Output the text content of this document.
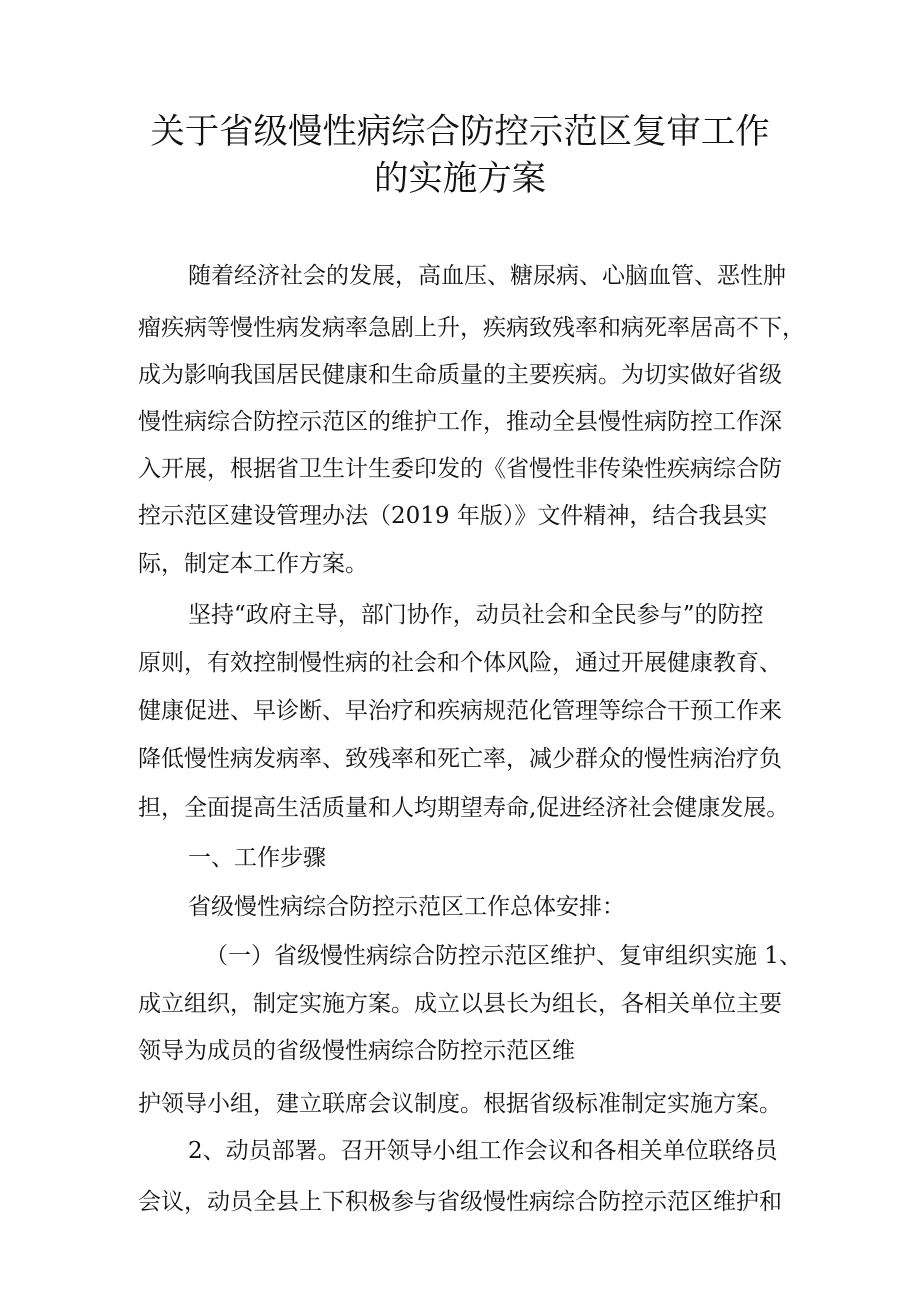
关于省级慢性病综合防控示范区复审工作
的实施方案

随着经济社会的发展，高血压、糖尿病、心脑血管、恶性肿

瘤疾病等慢性病发病率急剧上升，疾病致残率和病死率居高不下，

成为影响我国居民健康和生命质量的主要疾病。为切实做好省级

慢性病综合防控示范区的维护工作，推动全县慢性病防控工作深

入开展，根据省卫生计生委印发的《省慢性非传染性疾病综合防

控示范区建设管理办法（2019 年版）》文件精神，结合我县实

际，制定本工作方案。

坚持“政府主导，部门协作，动员社会和全民参与”的防控

原则，有效控制慢性病的社会和个体风险，通过开展健康教育、

健康促进、早诊断、早治疗和疾病规范化管理等综合干预工作来

降低慢性病发病率、致残率和死亡率，减少群众的慢性病治疗负

担，全面提高生活质量和人均期望寿命,促进经济社会健康发展。

一、工作步骤

省级慢性病综合防控示范区工作总体安排：

（一）省级慢性病综合防控示范区维护、复审组织实施 1、

成立组织，制定实施方案。成立以县长为组长，各相关单位主要

领导为成员的省级慢性病综合防控示范区维

护领导小组，建立联席会议制度。根据省级标准制定实施方案。

2、动员部署。召开领导小组工作会议和各相关单位联络员

会议，动员全县上下积极参与省级慢性病综合防控示范区维护和
